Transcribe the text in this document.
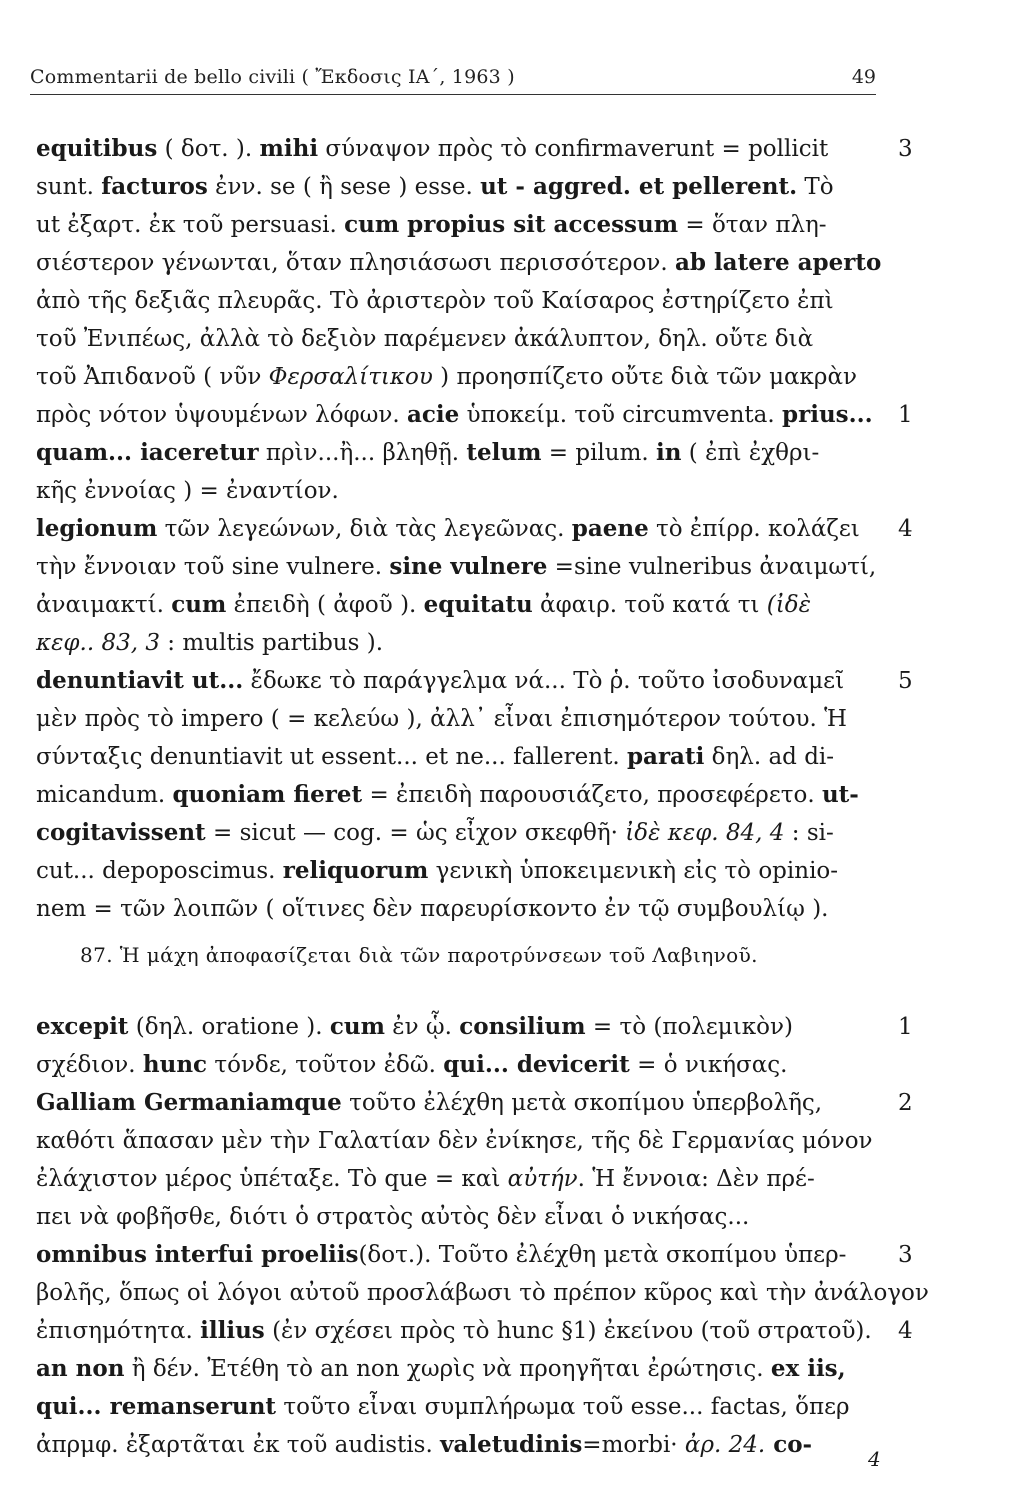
Commentarii de bello civili ( Ἔκδοσις ΙΑ΄, 1963 )	49
equitibus ( δοτ. ). mihi σύναψον πρὸς τὸ confirmaverunt = pollicit
sunt. facturos ἐνν. se ( ἢ sese ) esse. ut - aggred. et pellerent. Τὸ
ut ἐξαρτ. ἐκ τοῦ persuasi. cum propius sit accessum = ὅταν πλη-
σιέστερον γένωνται, ὅταν πλησιάσωσι περισσότερον. ab latere aperto
ἀπὸ τῆς δεξιᾶς πλευρᾶς. Τὸ ἀριστερὸν τοῦ Καίσαρος ἐστηρίζετο ἐπὶ
τοῦ Ἐνιπέως, ἀλλὰ τὸ δεξιὸν παρέμενεν ἀκάλυπτον, δηλ. οὔτε διὰ
τοῦ Ἀπιδανοῦ ( νῦν Φερσαλίτικου ) προησπίζετο οὔτε διὰ τῶν μακρὰν
πρὸς νότον ὑψουμένων λόφων. acie ὑποκείμ. τοῦ circumventa. prius...
quam... iaceretur πρὶν...ἢ... βληθῇ. telum = pilum. in ( ἐπὶ ἐχθρι-
κῆς ἐννοίας ) = ἐναντίον.
legionum τῶν λεγεώνων, διὰ τὰς λεγεῶνας. paene τὸ ἐπίρρ. κολάζει
τὴν ἔννοιαν τοῦ sine vulnere. sine vulnere =sine vulneribus ἀναιμωτί,
ἀναιμακτί. cum ἐπειδὴ ( ἀφοῦ ). equitatu ἀφαιρ. τοῦ κατά τι (ἰδὲ
κεφ.. 83, 3 : multis partibus ).
denuntiavit ut... ἔδωκε τὸ παράγγελμα νά... Τὸ ῥ. τοῦτο ἰσοδυναμεῖ
μὲν πρὸς τὸ impero ( = κελεύω ), ἀλλ᾽ εἶναι ἐπισημότερον τούτου. Ἡ
σύνταξις denuntiavit ut essent... et ne... fallerent. parati δηλ. ad di-
micandum. quoniam fieret = ἐπειδὴ παρουσιάζετο, προσεφέρετο. ut-
cogitavissent = sicut — cog. = ὡς εἶχον σκεφθῆ· ἰδὲ κεφ. 84, 4 : si-
cut... depoposcimus. reliquorum γενικὴ ὑποκειμενικὴ εἰς τὸ opinio-
nem = τῶν λοιπῶν ( οἵτινες δὲν παρευρίσκοντο ἐν τῷ συμβουλίῳ ).
excepit (δηλ. oratione ). cum ἐν ᾧ. consilium = τὸ (πολεμικὸν)
σχέδιον. hunc τόνδε, τοῦτον ἐδῶ. qui... devicerit = ὁ νικήσας.
Galliam Germaniamque τοῦτο ἐλέχθη μετὰ σκοπίμου ὑπερβολῆς,
καθότι ἅπασαν μὲν τὴν Γαλατίαν δὲν ἐνίκησε, τῆς δὲ Γερμανίας μόνον
ἐλάχιστον μέρος ὑπέταξε. Τὸ que = καὶ αὐτήν. Ἡ ἔννοια: Δὲν πρέ-
πει νὰ φοβῆσθε, διότι ὁ στρατὸς αὐτὸς δὲν εἶναι ὁ νικήσας...
omnibus interfui proeliis(δοτ.). Τοῦτο ἐλέχθη μετὰ σκοπίμου ὑπερ-
βολῆς, ὅπως οἱ λόγοι αὐτοῦ προσλάβωσι τὸ πρέπον κῦρος καὶ τὴν ἀνάλογον
ἐπισημότητα. illius (ἐν σχέσει πρὸς τὸ hunc §1) ἐκείνου (τοῦ στρατοῦ).
an non ἢ δέν. Ἐτέθη τὸ an non χωρὶς νὰ προηγῆται ἐρώτησις. ex iis,
qui... remanserunt τοῦτο εἶναι συμπλήρωμα τοῦ esse... factas, ὅπερ
ἀπρμφ. ἐξαρτᾶται ἐκ τοῦ audistis. valetudinis=morbi· ἀρ. 24. co-
3
1
4
5
1
2
3
4
87. Ἡ μάχη ἀποφασίζεται διὰ τῶν παροτρύνσεων τοῦ Λαβιηνοῦ.
4
